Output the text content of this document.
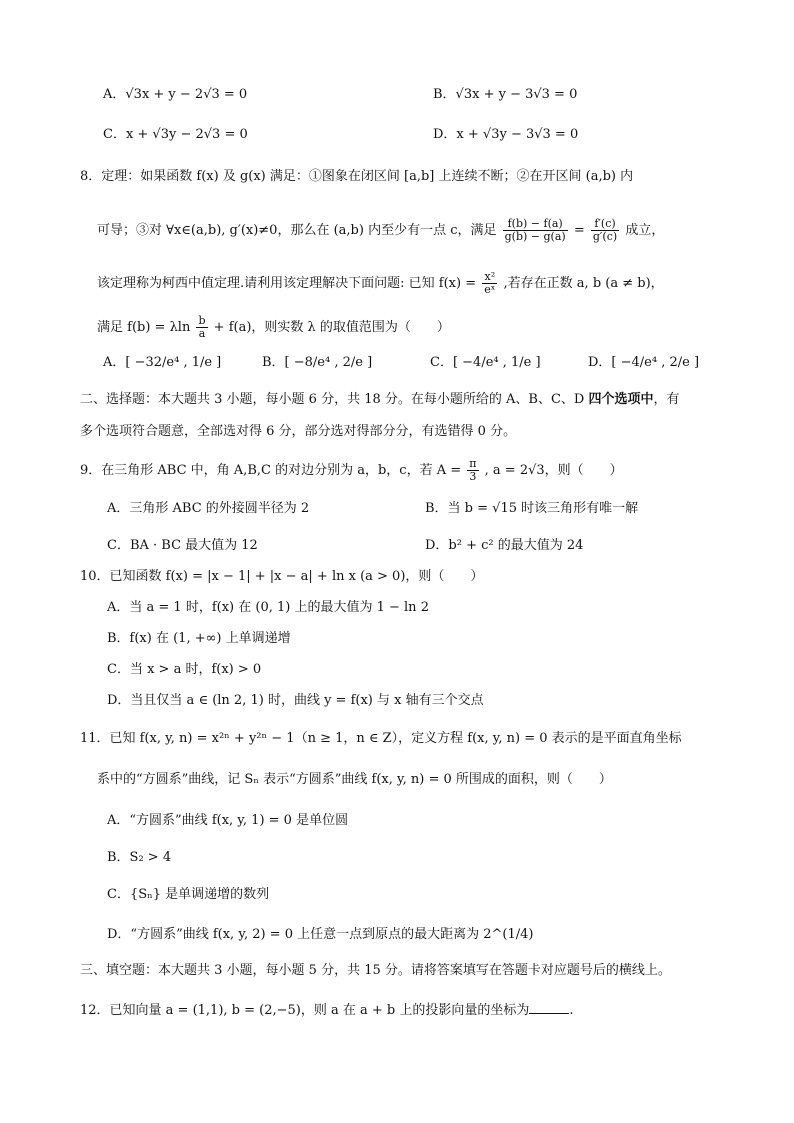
A．√3x + y − 2√3 = 0	B．√3x + y − 3√3 = 0
C．x + √3y − 2√3 = 0	D．x + √3y − 3√3 = 0
8．定理：如果函数 f(x) 及 g(x) 满足：①图象在闭区间 [a,b] 上连续不断；②在开区间 (a,b) 内
可导；③对 ∀x∈(a,b), g′(x)≠0，那么在 (a,b) 内至少有一点 c，满足 $\frac{f(b) - f(a)}{g(b) - g(a)} = \frac{f'(c)}{g'(c)}$ 成立，
该定理称为柯西中值定理.请利用该定理解决下面问题: 已知 $f(x) = \frac{\text{x²}}{\text{eˣ}}$ ,若存在正数 a, b (a ≠ b)，
满足 f(b) = λln $\frac{b}{a} + f(a)$，则实数 λ 的取值范围为（　　）
A．[ −32/e⁴ , 1/e ]	B．[ −8/e⁴ , 2/e ]	C．[ −4/e⁴ , 1/e ]	D．[ −4/e⁴ , 2/e ]
二、选择题：本大题共 3 小题，每小题 6 分，共 18 分。在每小题所给的 A、B、C、D 四个选项中，有
多个选项符合题意，全部选对得 6 分，部分选对得部分分，有选错得 0 分。
9．在三角形 ABC 中，角 A,B,C 的对边分别为 a，b，c，若 $A = \frac{\pi}{3}$ , a = 2√3，则（　　）
A．三角形 ABC 的外接圆半径为 2	B．当 b = √15 时该三角形有唯一解
C．BA · BC 最大值为 12	D．b² + c² 的最大值为 24
10．已知函数 f(x) = |x − 1| + |x − a| + ln x (a > 0)，则（　　）
A．当 a = 1 时，f(x) 在 (0, 1) 上的最大值为 1 − ln 2
B．f(x) 在 (1, +∞) 上单调递增
C．当 x > a 时，f(x) > 0
D．当且仅当 a ∈ (ln 2, 1) 时，曲线 y = f(x) 与 x 轴有三个交点
11．已知 f(x, y, n) = x²ⁿ + y²ⁿ − 1（n ≥ 1，n ∈ Z），定义方程 f(x, y, n) = 0 表示的是平面直角坐标
系中的“方圆系”曲线，记 Sₙ 表示“方圆系”曲线 f(x, y, n) = 0 所围成的面积，则（　　）
A．“方圆系”曲线 f(x, y, 1) = 0 是单位圆
B．S₂ > 4
C．{Sₙ} 是单调递增的数列
D．“方圆系”曲线 f(x, y, 2) = 0 上任意一点到原点的最大距离为 2^(1/4)
三、填空题：本大题共 3 小题，每小题 5 分，共 15 分。请将答案填写在答题卡对应题号后的横线上。
12．已知向量 a = (1,1), b = (2,−5)，则 a 在 a + b 上的投影向量的坐标为	.
